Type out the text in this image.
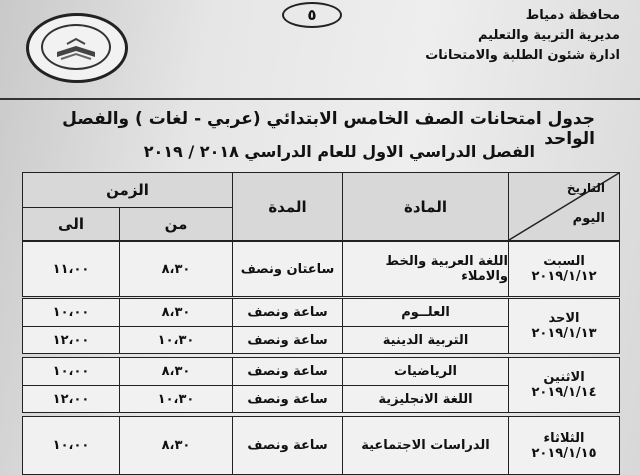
٥	محافظة دمياط
مديرية التربية والتعليم
ادارة شئون الطلبة والامتحانات
جدول امتحانات الصف الخامس الابتدائي (عربي - لغات ) والفصل الواحد
الفصل الدراسي الاول للعام الدراسي ٢٠١٨ / ٢٠١٩
التاريخ
اليوم
المادة
المدة
الزمن
من
الى
السبت
٢٠١٩/١/١٢
اللغة العربية والخط والاملاء
ساعتان ونصف
٨،٣٠
١١،٠٠
الاحد
٢٠١٩/١/١٣
العلــوم
ساعة ونصف
٨،٣٠
١٠،٠٠
التربية الدينية
ساعة ونصف
١٠،٣٠
١٢،٠٠
الاثنين
٢٠١٩/١/١٤
الرياضيات
ساعة ونصف
٨،٣٠
١٠،٠٠
اللغة الانجليزية
ساعة ونصف
١٠،٣٠
١٢،٠٠
الثلاثاء
٢٠١٩/١/١٥
الدراسات الاجتماعية
ساعة ونصف
٨،٣٠
١٠،٠٠
